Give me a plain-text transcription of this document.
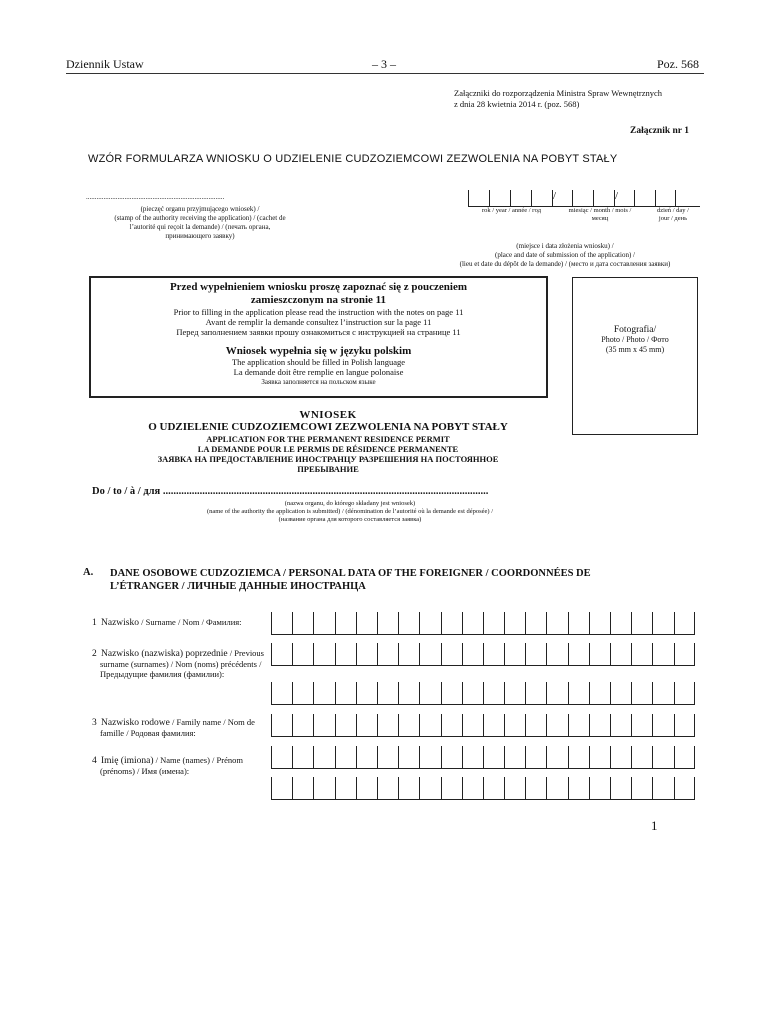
Dziennik Ustaw	– 3 –	Poz. 568
Załączniki do rozporządzenia Ministra Spraw Wewnętrznych
z dnia 28 kwietnia 2014 r. (poz. 568)
Załącznik nr 1
WZÓR FORMULARZA WNIOSKU O UDZIELENIE CUDZOZIEMCOWI ZEZWOLENIA NA POBYT STAŁY
...............................................................................
(pieczęć organu przyjmującego wniosek) /
(stamp of the authority receiving the application) / (cachet de
l’autorité qui reçoit la demande) / (печать органа,
принимающего заявку)
/	/
rok / year / année / год	miesiąc / month / mois /
месяц
dzień / day /
jour / день
(miejsce i data złożenia wniosku) /
(place and date of submission of the application) /
(lieu et date du dépôt de la demande) / (место и дата составления заявки)
Przed wypełnieniem wniosku proszę zapoznać się z pouczeniem
zamieszczonym na stronie 11
Prior to filling in the application please read the instruction with the notes on page 11
Avant de remplir la demande consultez l’instruction sur la page 11
Перед заполнением заявки прошу ознакомиться с инструкцией на странице 11
Wniosek wypełnia się w języku polskim
The application should be filled in Polish language
La demande doit être remplie en langue polonaise
Заявка заполняется на польском языке
Fotografia/
Photo / Photo / Фото
(35 mm x 45 mm)
WNIOSEK
O UDZIELENIE CUDZOZIEMCOWI ZEZWOLENIA NA POBYT STAŁY
APPLICATION FOR THE PERMANENT RESIDENCE PERMIT
LA DEMANDE POUR LE PERMIS DE RÉSIDENCE PERMANENTE
ЗАЯВКА НА ПРЕДОСТАВЛЕНИЕ ИНОСТРАНЦУ РАЗРЕШЕНИЯ НА ПОСТОЯННОЕ
ПРЕБЫВАНИЕ
Do / to / à / для ............................................................................................................................
(nazwa organu, do którego składany jest wniosek)
(name of the authority the application is submitted) / (dénomination de l’autorité où la demande est déposée) /
(название органа для которого составляется заявка)
A. DANE OSOBOWE CUDZOZIEMCA / PERSONAL DATA OF THE FOREIGNER / COORDONNÉES DE
L’ÉTRANGER / ЛИЧНЫЕ ДАННЫЕ ИНОСТРАНЦА
1 Nazwisko / Surname / Nom / Фамилия:
2 Nazwisko (nazwiska) poprzednie / Previous
surname (surnames) / Nom (noms) précédents /
Предыдущие фамилия (фамилии):
3 Nazwisko rodowe / Family name / Nom de
famille / Родовая фамилия:
4 Imię (imiona) / Name (names) / Prénom
(prénoms) / Имя (имена):
1
